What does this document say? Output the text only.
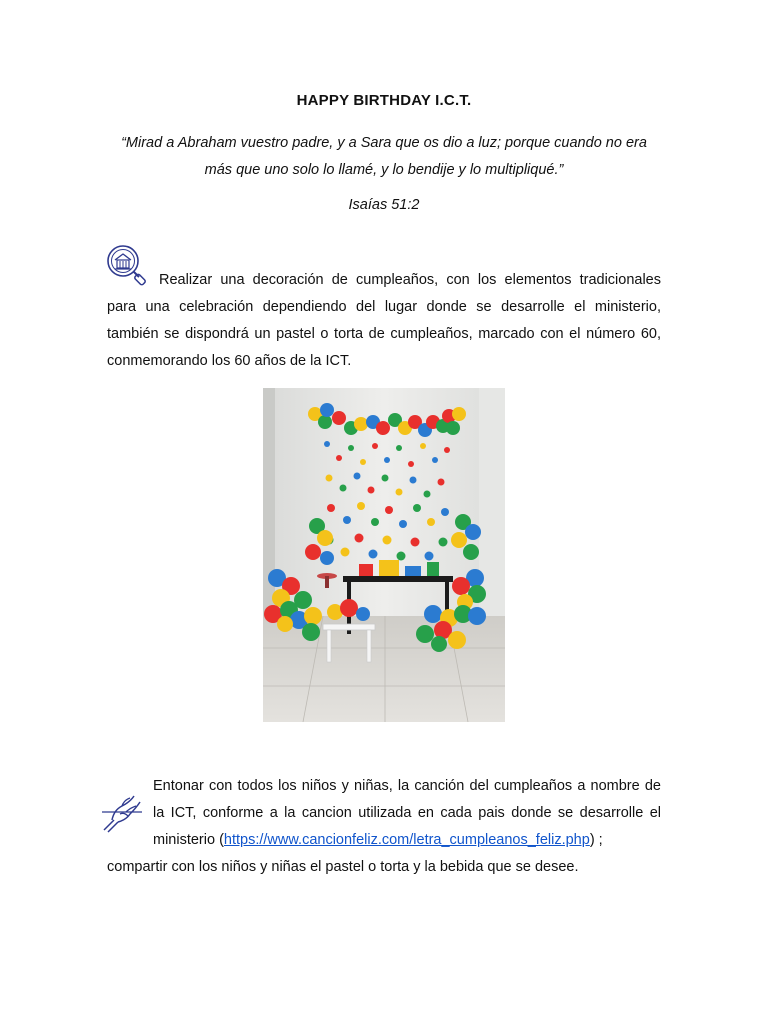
HAPPY BIRTHDAY I.C.T.
“Mirad a Abraham vuestro padre, y a Sara que os dio a luz; porque cuando no era
más que uno solo lo llamé, y lo bendije y lo multipliqué.”
Isaías 51:2
Realizar una decoración de cumpleaños, con los elementos tradicionales para una celebración dependiendo del lugar donde se desarrolle el ministerio, también se dispondrá un pastel o torta de cumpleaños, marcado con el número 60, conmemorando los 60 años de la ICT.
Entonar con todos los niños y niñas, la canción del cumpleaños a nombre de la ICT, conforme a la cancion utilizada en cada pais donde se desarrolle el ministerio (https://www.cancionfeliz.com/letra_cumpleanos_feliz.php) ;
compartir con los niños y niñas el pastel o torta y la bebida que se desee.
